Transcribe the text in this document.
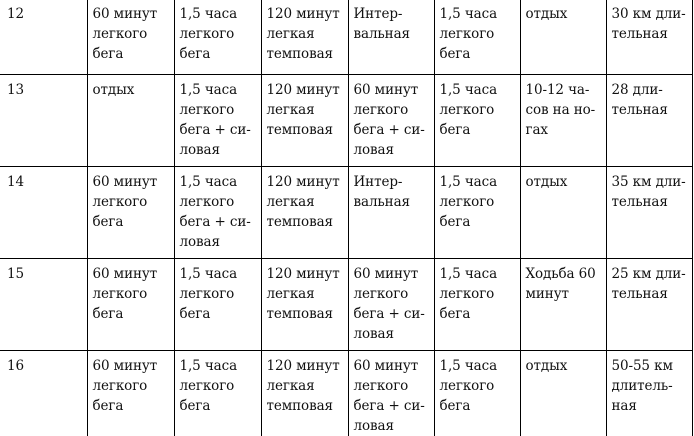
12	60 минут
легкого
бега	1,5 часа
легкого
бега	120 минут
легкая
темповая	Интер-
вальная	1,5 часа
легкого
бега	отдых	30 км дли-
тельная

13	отдых	1,5 часа
легкого
бега + си-
ловая	120 минут
легкая
темповая	60 минут
легкого
бега + си-
ловая	1,5 часа
легкого
бега	10-12 ча-
сов на но-
гах	28 дли-
тельная

14	60 минут
легкого
бега	1,5 часа
легкого
бега + си-
ловая	120 минут
легкая
темповая	Интер-
вальная	1,5 часа
легкого
бега	отдых	35 км дли-
тельная

15	60 минут
легкого
бега	1,5 часа
легкого
бега	120 минут
легкая
темповая	60 минут
легкого
бега + си-
ловая	1,5 часа
легкого
бега	Ходьба 60
минут	25 км дли-
тельная

16	60 минут
легкого
бега	1,5 часа
легкого
бега	120 минут
легкая
темповая	60 минут
легкого
бега + си-
ловая	1,5 часа
легкого
бега	отдых	50-55 км
длитель-
ная
